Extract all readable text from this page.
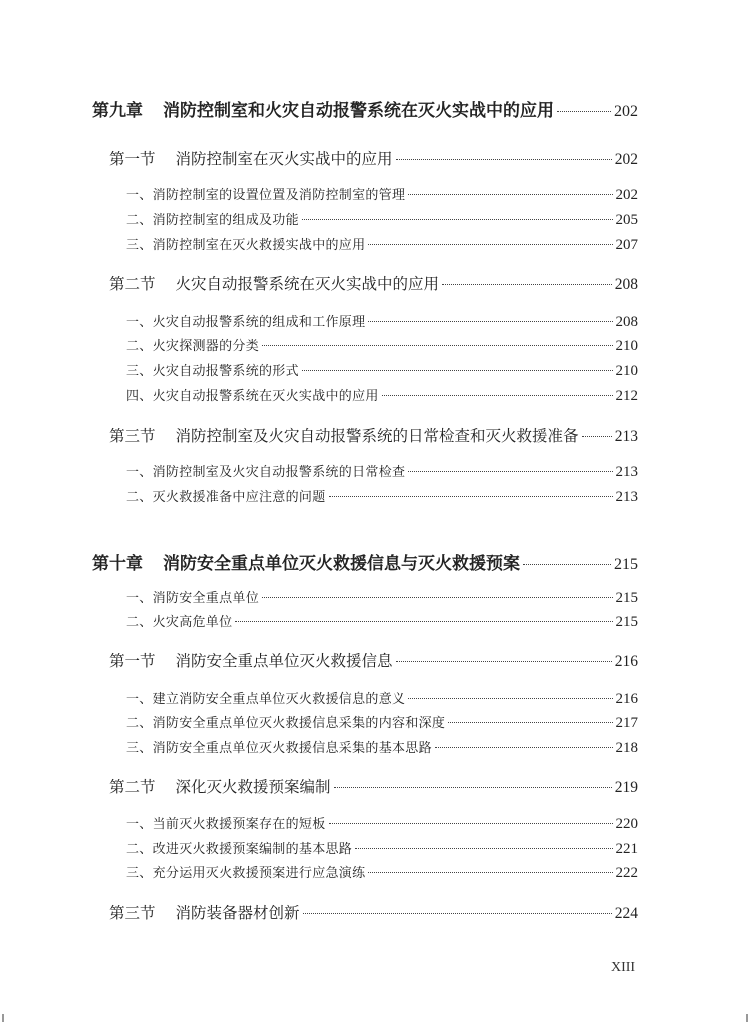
第九章 消防控制室和火灾自动报警系统在灭火实战中的应用	202
第一节 消防控制室在灭火实战中的应用	202
一、消防控制室的设置位置及消防控制室的管理	202
二、消防控制室的组成及功能	205
三、消防控制室在灭火救援实战中的应用	207
第二节 火灾自动报警系统在灭火实战中的应用	208
一、火灾自动报警系统的组成和工作原理	208
二、火灾探测器的分类	210
三、火灾自动报警系统的形式	210
四、火灾自动报警系统在灭火实战中的应用	212
第三节 消防控制室及火灾自动报警系统的日常检查和灭火救援准备 213
一、消防控制室及火灾自动报警系统的日常检查	213
二、灭火救援准备中应注意的问题	213
第十章 消防安全重点单位灭火救援信息与灭火救援预案	215
一、消防安全重点单位	215
二、火灾高危单位	215
第一节 消防安全重点单位灭火救援信息	216
一、建立消防安全重点单位灭火救援信息的意义	216
二、消防安全重点单位灭火救援信息采集的内容和深度	217
三、消防安全重点单位灭火救援信息采集的基本思路	218
第二节 深化灭火救援预案编制	219
一、当前灭火救援预案存在的短板	220
二、改进灭火救援预案编制的基本思路	221
三、充分运用灭火救援预案进行应急演练	222
第三节 消防装备器材创新	224
XIII
